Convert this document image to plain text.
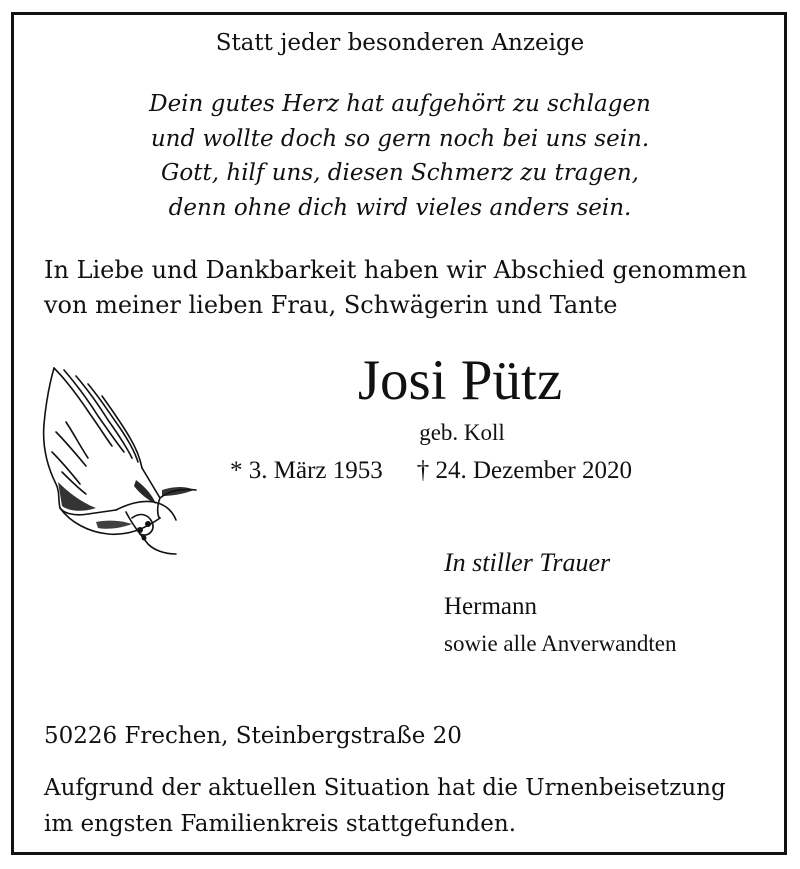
Statt jeder besonderen Anzeige
Dein gutes Herz hat aufgehört zu schlagen
und wollte doch so gern noch bei uns sein.
Gott, hilf uns, diesen Schmerz zu tragen,
denn ohne dich wird vieles anders sein.
In Liebe und Dankbarkeit haben wir Abschied genommen
von meiner lieben Frau, Schwägerin und Tante
Josi Pütz
geb. Koll
* 3. März 1953 † 24. Dezember 2020
In stiller Trauer
Hermann
sowie alle Anverwandten
50226 Frechen, Steinbergstraße 20
Aufgrund der aktuellen Situation hat die Urnenbeisetzung
im engsten Familienkreis stattgefunden.
